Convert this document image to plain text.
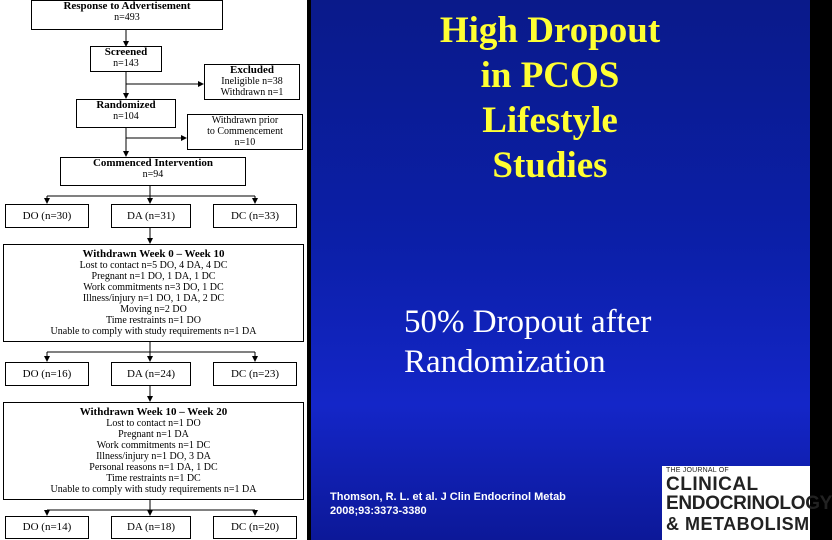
Response to Advertisement
n=493
Screened
n=143
Excluded
Ineligible n=38
Withdrawn n=1
Randomized
n=104	Withdrawn prior
to Commencement
n=10
Commenced Intervention
n=94
DO (n=30)	DA (n=31)	DC (n=33)
Withdrawn Week 0 – Week 10
Lost to contact n=5 DO, 4 DA, 4 DC
Pregnant n=1 DO, 1 DA, 1 DC
Work commitments n=3 DO, 1 DC
Illness/injury n=1 DO, 1 DA, 2 DC
Moving n=2 DO
Time restraints n=1 DO
Unable to comply with study requirements n=1 DA
DO (n=16)	DA (n=24)	DC (n=23)
Withdrawn Week 10 – Week 20
Lost to contact n=1 DO
Pregnant n=1 DA
Work commitments n=1 DC
Illness/injury n=1 DO, 3 DA
Personal reasons n=1 DA, 1 DC
Time restraints n=1 DC
Unable to comply with study requirements n=1 DA
DO (n=14)	DA (n=18)	DC (n=20)
High Dropout
in PCOS
Lifestyle
Studies
50% Dropout after
Randomization
Thomson, R. L. et al. J Clin Endocrinol Metab
2008;93:3373-3380
THE JOURNAL OF
CLINICAL
ENDOCRINOLOGY
& METABOLISM
